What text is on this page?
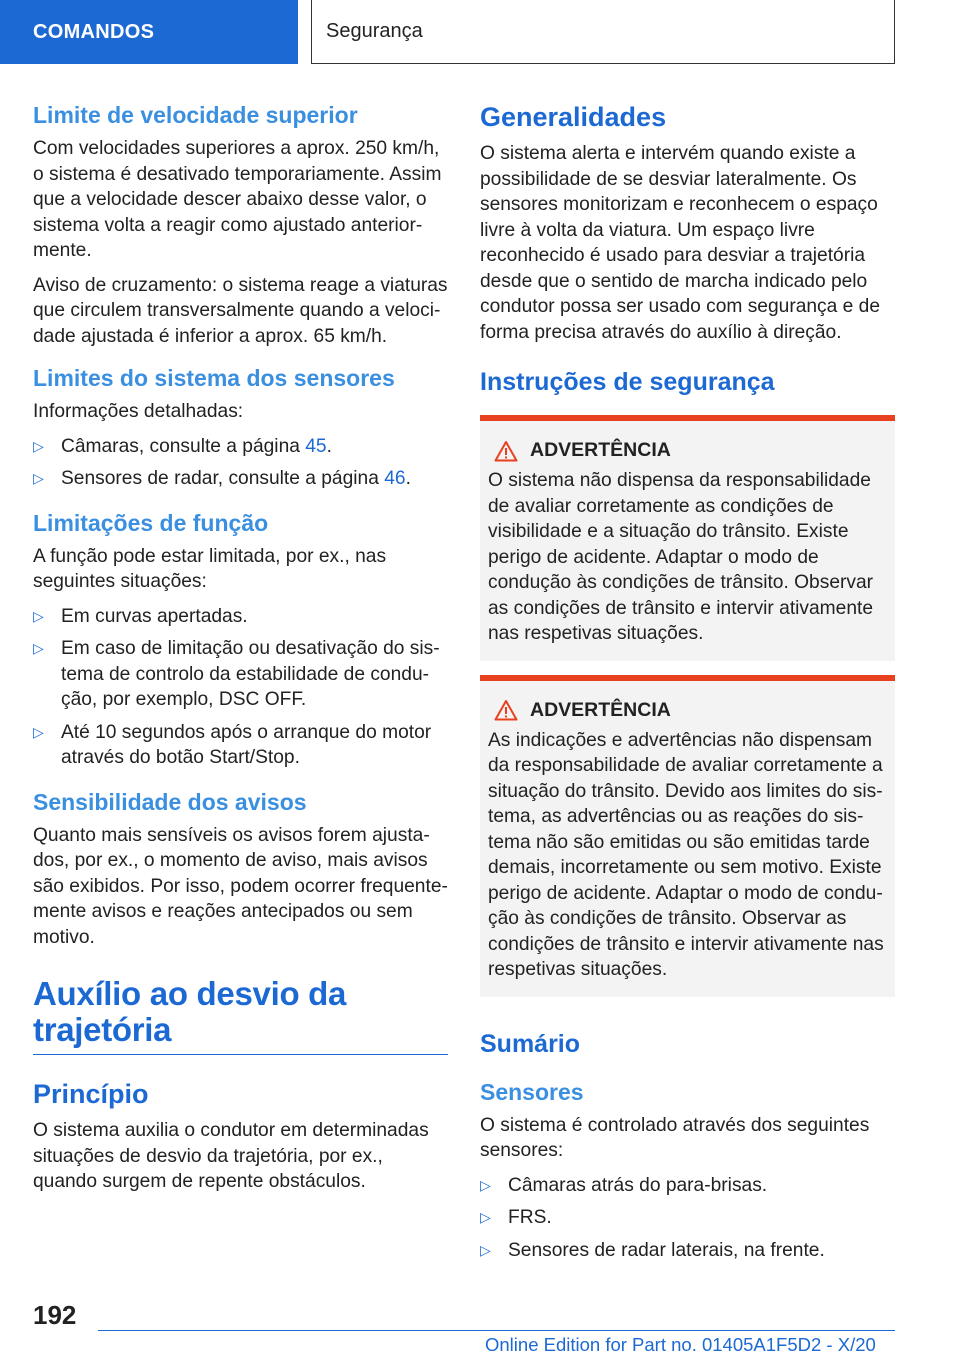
COMANDOS	Segurança
Limite de velocidade superior

Com velocidades superiores a aprox. 250 km/h, o sistema é desativado temporariamente. Assim que a velocidade descer abaixo desse valor, o sistema volta a reagir como ajustado anteriormente.

Aviso de cruzamento: o sistema reage a viaturas que circulem transversalmente quando a velocidade ajustada é inferior a aprox. 65 km/h.

Limites do sistema dos sensores

Informações detalhadas:

▷ Câmaras, consulte a página 45.
▷ Sensores de radar, consulte a página 46.
Limitações de função

A função pode estar limitada, por ex., nas seguintes situações:

▷ Em curvas apertadas.
▷ Em caso de limitação ou desativação do sistema de controlo da estabilidade de condução, por exemplo, DSC OFF.
▷ Até 10 segundos após o arranque do motor através do botão Start/Stop.
Sensibilidade dos avisos

Quanto mais sensíveis os avisos forem ajustados, por ex., o momento de aviso, mais avisos são exibidos. Por isso, podem ocorrer frequentemente avisos e reações antecipados ou sem motivo.

Auxílio ao desvio da trajetória
Princípio

O sistema auxilia o condutor em determinadas situações de desvio da trajetória, por ex., quando surgem de repente obstáculos.

Generalidades

O sistema alerta e intervém quando existe a possibilidade de se desviar lateralmente. Os sensores monitorizam e reconhecem o espaço livre à volta da viatura. Um espaço livre reconhecido é usado para desviar a trajetória desde que o sentido de marcha indicado pelo condutor possa ser usado com segurança e de forma precisa através do auxílio à direção.

Instruções de segurança
ADVERTÊNCIA

O sistema não dispensa da responsabilidade de avaliar corretamente as condições de visibilidade e a situação do trânsito. Existe perigo de acidente. Adaptar o modo de condução às condições de trânsito. Observar as condições de trânsito e intervir ativamente nas respetivas situações.

ADVERTÊNCIA

As indicações e advertências não dispensam da responsabilidade de avaliar corretamente a situação do trânsito. Devido aos limites do sistema, as advertências ou as reações do sistema não são emitidas ou são emitidas tarde demais, incorretamente ou sem motivo. Existe perigo de acidente. Adaptar o modo de condução às condições de trânsito. Observar as condições de trânsito e intervir ativamente nas respetivas situações.

Sumário
Sensores

O sistema é controlado através dos seguintes sensores:

▷ Câmaras atrás do para-brisas.
▷ FRS.
▷ Sensores de radar laterais, na frente.
192
Online Edition for Part no. 01405A1F5D2 - X/20
